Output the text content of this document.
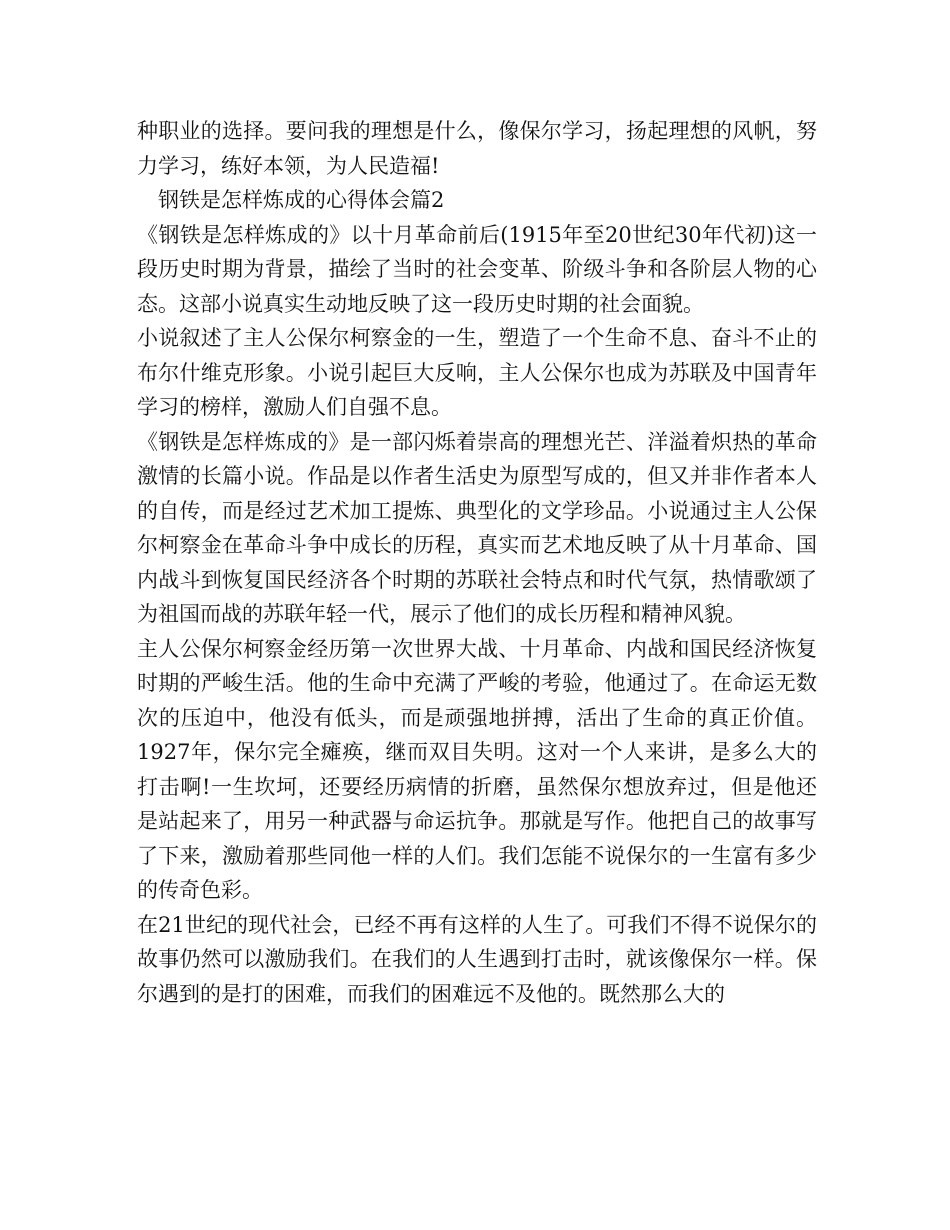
种职业的选择。要问我的理想是什么，像保尔学习，扬起理想的风帆，努力学习，练好本领，为人民造福!

　钢铁是怎样炼成的心得体会篇2

《钢铁是怎样炼成的》以十月革命前后(1915年至20世纪30年代初)这一段历史时期为背景，描绘了当时的社会变革、阶级斗争和各阶层人物的心态。这部小说真实生动地反映了这一段历史时期的社会面貌。

小说叙述了主人公保尔柯察金的一生，塑造了一个生命不息、奋斗不止的布尔什维克形象。小说引起巨大反响，主人公保尔也成为苏联及中国青年学习的榜样，激励人们自强不息。

《钢铁是怎样炼成的》是一部闪烁着崇高的理想光芒、洋溢着炽热的革命激情的长篇小说。作品是以作者生活史为原型写成的，但又并非作者本人的自传，而是经过艺术加工提炼、典型化的文学珍品。小说通过主人公保尔柯察金在革命斗争中成长的历程，真实而艺术地反映了从十月革命、国内战斗到恢复国民经济各个时期的苏联社会特点和时代气氛，热情歌颂了为祖国而战的苏联年轻一代，展示了他们的成长历程和精神风貌。

主人公保尔柯察金经历第一次世界大战、十月革命、内战和国民经济恢复时期的严峻生活。他的生命中充满了严峻的考验，他通过了。在命运无数次的压迫中，他没有低头，而是顽强地拼搏，活出了生命的真正价值。1927年，保尔完全瘫痪，继而双目失明。这对一个人来讲，是多么大的打击啊!一生坎坷，还要经历病情的折磨，虽然保尔想放弃过，但是他还是站起来了，用另一种武器与命运抗争。那就是写作。他把自己的故事写了下来，激励着那些同他一样的人们。我们怎能不说保尔的一生富有多少的传奇色彩。

在21世纪的现代社会，已经不再有这样的人生了。可我们不得不说保尔的故事仍然可以激励我们。在我们的人生遇到打击时，就该像保尔一样。保尔遇到的是打的困难，而我们的困难远不及他的。既然那么大的
